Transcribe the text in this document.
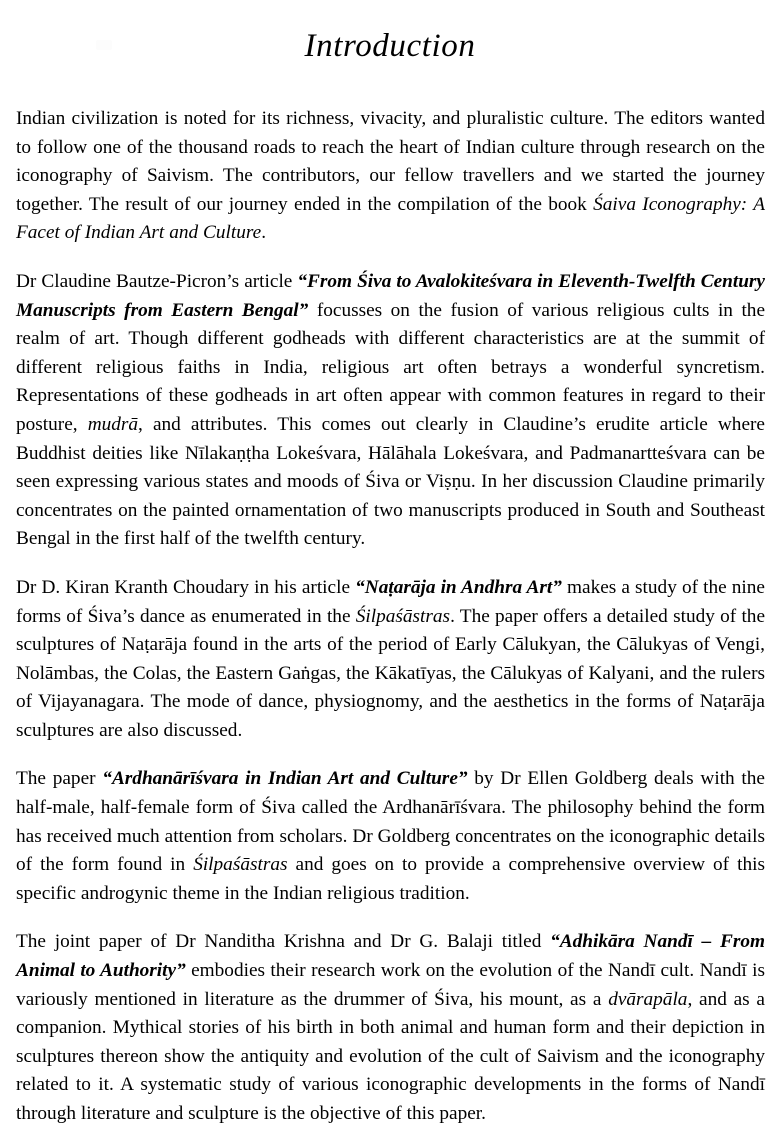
Introduction

Indian civilization is noted for its richness, vivacity, and pluralistic culture. The editors wanted to follow one of the thousand roads to reach the heart of Indian culture through research on the iconography of Saivism. The contributors, our fellow travellers and we started the journey together. The result of our journey ended in the compilation of the book Śaiva Iconography: A Facet of Indian Art and Culture.

Dr Claudine Bautze-Picron’s article “From Śiva to Avalokiteśvara in Eleventh-Twelfth Century Manuscripts from Eastern Bengal” focusses on the fusion of various religious cults in the realm of art. Though different godheads with different characteristics are at the summit of different religious faiths in India, religious art often betrays a wonderful syncretism. Representations of these godheads in art often appear with common features in regard to their posture, mudrā, and attributes. This comes out clearly in Claudine’s erudite article where Buddhist deities like Nīlakaṇṭha Lokeśvara, Hālāhala Lokeśvara, and Padmanartteśvara can be seen expressing various states and moods of Śiva or Viṣṇu. In her discussion Claudine primarily concentrates on the painted ornamentation of two manuscripts produced in South and Southeast Bengal in the first half of the twelfth century.

Dr D. Kiran Kranth Choudary in his article “Naṭarāja in Andhra Art” makes a study of the nine forms of Śiva’s dance as enumerated in the Śilpaśāstras. The paper offers a detailed study of the sculptures of Naṭarāja found in the arts of the period of Early Cālukyan, the Cālukyas of Vengi, Nolāmbas, the Colas, the Eastern Gaṅgas, the Kākatīyas, the Cālukyas of Kalyani, and the rulers of Vijayanagara. The mode of dance, physiognomy, and the aesthetics in the forms of Naṭarāja sculptures are also discussed.

The paper “Ardhanārīśvara in Indian Art and Culture” by Dr Ellen Goldberg deals with the half-male, half-female form of Śiva called the Ardhanārīśvara. The philosophy behind the form has received much attention from scholars. Dr Goldberg concentrates on the iconographic details of the form found in Śilpaśāstras and goes on to provide a comprehensive overview of this specific androgynic theme in the Indian religious tradition.

The joint paper of Dr Nanditha Krishna and Dr G. Balaji titled “Adhikāra Nandī – From Animal to Authority” embodies their research work on the evolution of the Nandī cult. Nandī is variously mentioned in literature as the drummer of Śiva, his mount, as a dvārapāla, and as a companion. Mythical stories of his birth in both animal and human form and their depiction in sculptures thereon show the antiquity and evolution of the cult of Saivism and the iconography related to it. A systematic study of various iconographic developments in the forms of Nandī through literature and sculpture is the objective of this paper.
